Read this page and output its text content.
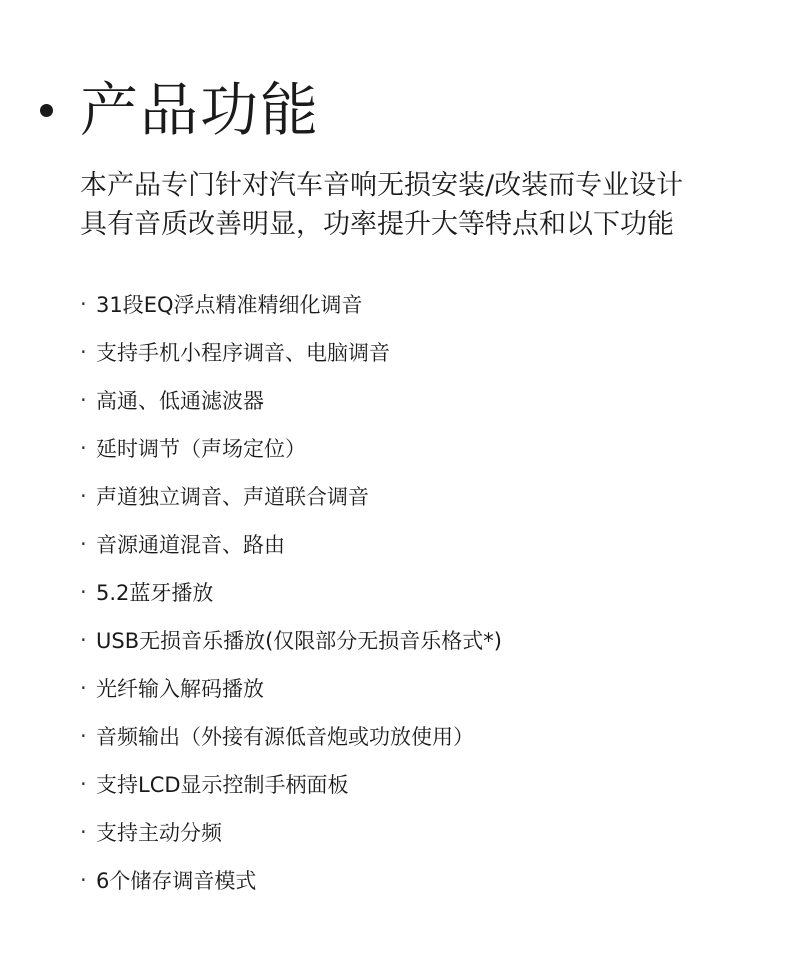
产品功能

本产品专门针对汽车音响无损安装/改装而专业设计
具有音质改善明显，功率提升大等特点和以下功能

· 31段EQ浮点精准精细化调音
· 支持手机小程序调音、电脑调音
· 高通、低通滤波器
· 延时调节（声场定位）
· 声道独立调音、声道联合调音
· 音源通道混音、路由
· 5.2蓝牙播放
· USB无损音乐播放(仅限部分无损音乐格式*)
· 光纤输入解码播放
· 音频输出（外接有源低音炮或功放使用）
· 支持LCD显示控制手柄面板
· 支持主动分频
· 6个储存调音模式
